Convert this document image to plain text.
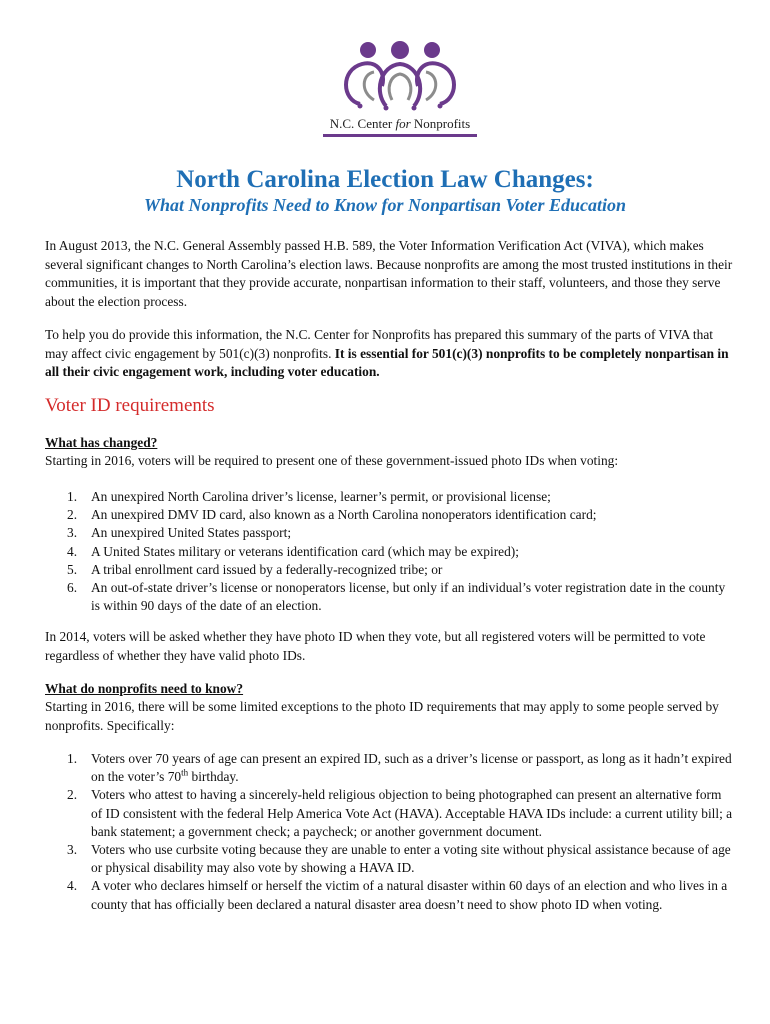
N.C. Center for Nonprofits
North Carolina Election Law Changes:
What Nonprofits Need to Know for Nonpartisan Voter Education

In August 2013, the N.C. General Assembly passed H.B. 589, the Voter Information Verification Act (VIVA), which makes several significant changes to North Carolina’s election laws. Because nonprofits are among the most trusted institutions in their communities, it is important that they provide accurate, nonpartisan information to their staff, volunteers, and those they serve about the election process.

To help you do provide this information, the N.C. Center for Nonprofits has prepared this summary of the parts of VIVA that may affect civic engagement by 501(c)(3) nonprofits. It is essential for 501(c)(3) nonprofits to be completely nonpartisan in all their civic engagement work, including voter education.

Voter ID requirements
What has changed?

Starting in 2016, voters will be required to present one of these government-issued photo IDs when voting:

1. An unexpired North Carolina driver’s license, learner’s permit, or provisional license;
2. An unexpired DMV ID card, also known as a North Carolina nonoperators identification card;
3. An unexpired United States passport;
4. A United States military or veterans identification card (which may be expired);
5. A tribal enrollment card issued by a federally-recognized tribe; or
6. An out-of-state driver’s license or nonoperators license, but only if an individual’s voter registration date in the county is within 90 days of the date of an election.

In 2014, voters will be asked whether they have photo ID when they vote, but all registered voters will be permitted to vote regardless of whether they have valid photo IDs.

What do nonprofits need to know?

Starting in 2016, there will be some limited exceptions to the photo ID requirements that may apply to some people served by nonprofits. Specifically:

1. Voters over 70 years of age can present an expired ID, such as a driver’s license or passport, as long as it hadn’t expired on the voter’s 70th birthday.
2. Voters who attest to having a sincerely-held religious objection to being photographed can present an alternative form of ID consistent with the federal Help America Vote Act (HAVA). Acceptable HAVA IDs include: a current utility bill; a bank statement; a government check; a paycheck; or another government document.
3. Voters who use curbsite voting because they are unable to enter a voting site without physical assistance because of age or physical disability may also vote by showing a HAVA ID.
4. A voter who declares himself or herself the victim of a natural disaster within 60 days of an election and who lives in a county that has officially been declared a natural disaster area doesn’t need to show photo ID when voting.
